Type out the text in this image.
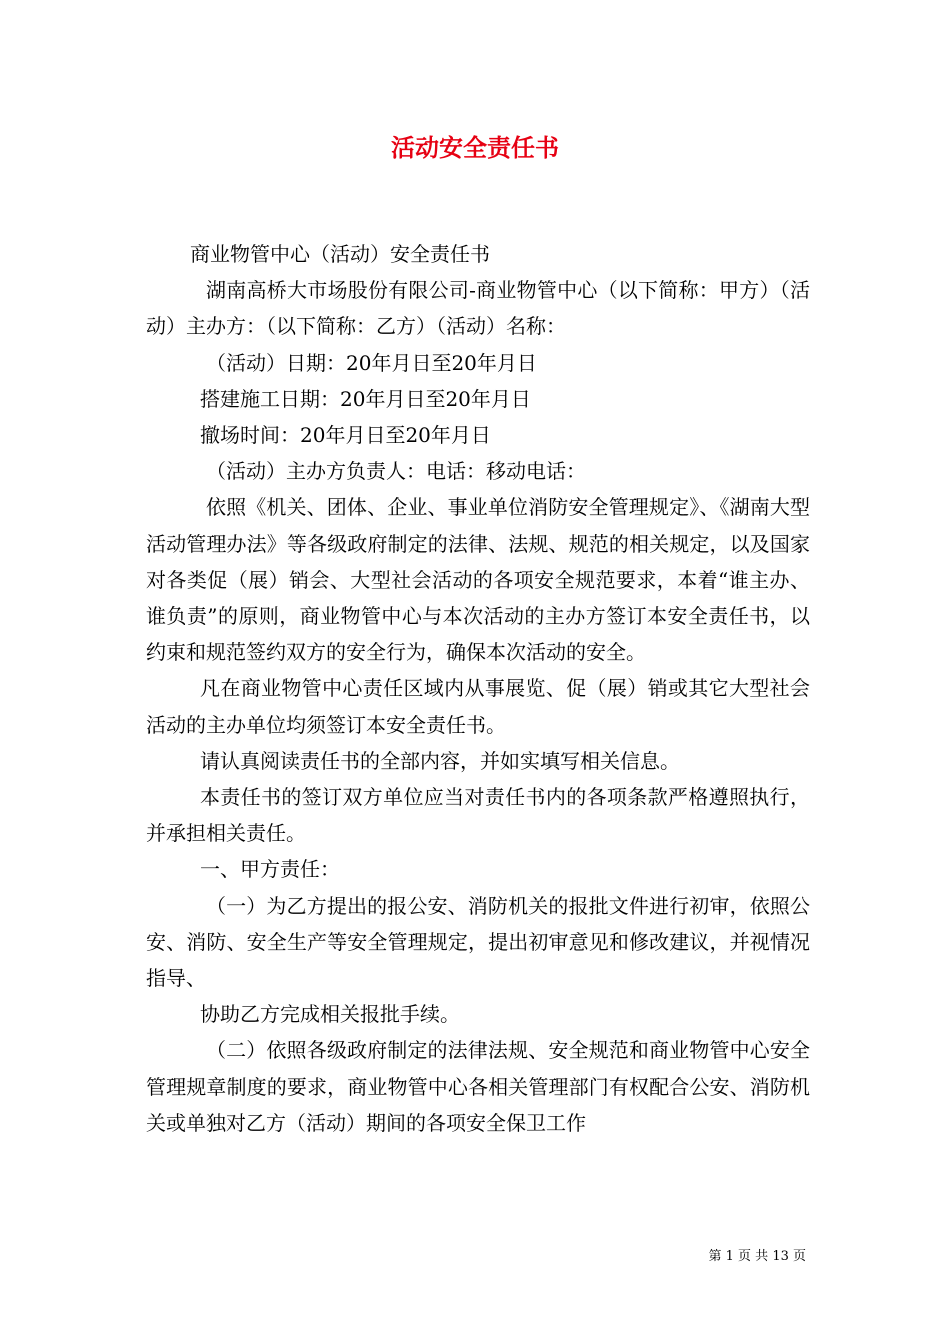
活动安全责任书

商业物管中心（活动）安全责任书

湖南高桥大市场股份有限公司-商业物管中心（以下简称：甲方）（活动）主办方：（以下简称：乙方）（活动）名称：

（活动）日期：20年月日至20年月日

搭建施工日期：20年月日至20年月日

撤场时间：20年月日至20年月日

（活动）主办方负责人：电话：移动电话：

依照《机关、团体、企业、事业单位消防安全管理规定》、《湖南大型活动管理办法》等各级政府制定的法律、法规、规范的相关规定，以及国家对各类促（展）销会、大型社会活动的各项安全规范要求，本着“谁主办、谁负责”的原则，商业物管中心与本次活动的主办方签订本安全责任书，以约束和规范签约双方的安全行为，确保本次活动的安全。

凡在商业物管中心责任区域内从事展览、促（展）销或其它大型社会活动的主办单位均须签订本安全责任书。

请认真阅读责任书的全部内容，并如实填写相关信息。

本责任书的签订双方单位应当对责任书内的各项条款严格遵照执行，并承担相关责任。

一、甲方责任：

（一）为乙方提出的报公安、消防机关的报批文件进行初审，依照公安、消防、安全生产等安全管理规定，提出初审意见和修改建议，并视情况指导、

协助乙方完成相关报批手续。

（二）依照各级政府制定的法律法规、安全规范和商业物管中心安全管理规章制度的要求，商业物管中心各相关管理部门有权配合公安、消防机关或单独对乙方（活动）期间的各项安全保卫工作

第 1 页 共 13 页
